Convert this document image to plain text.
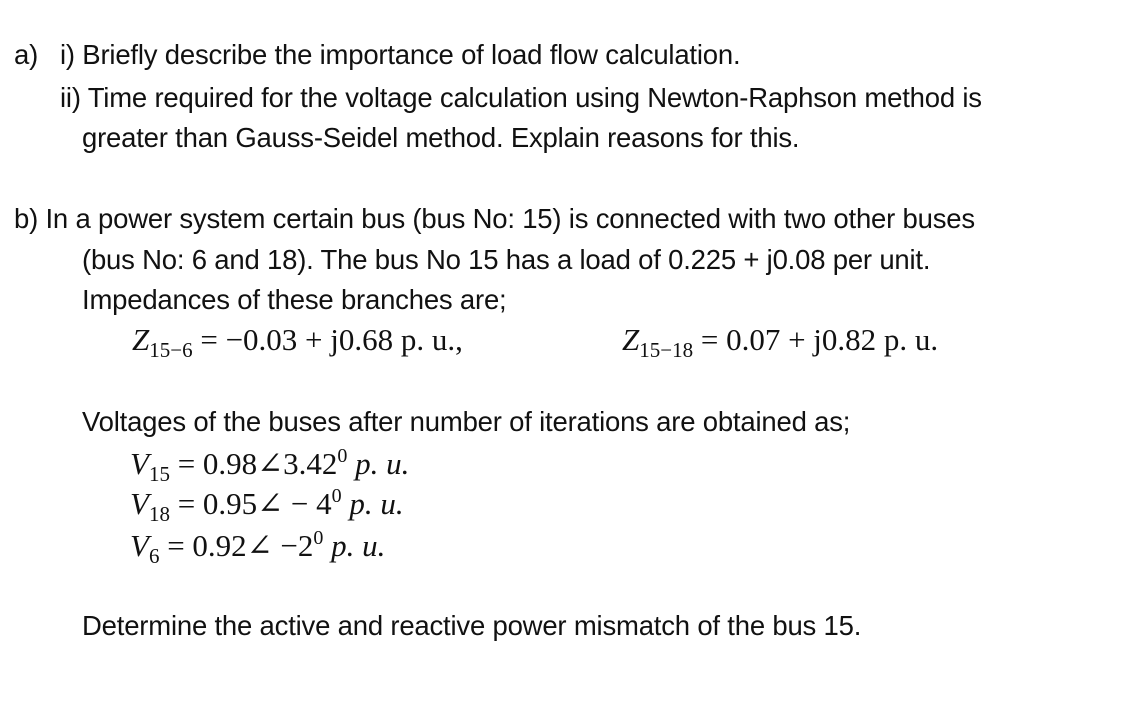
a) i) Briefly describe the importance of load flow calculation.
ii) Time required for the voltage calculation using Newton-Raphson method is
greater than Gauss-Seidel method. Explain reasons for this.
b) In a power system certain bus (bus No: 15) is connected with two other buses
(bus No: 6 and 18). The bus No 15 has a load of 0.225 + j0.08 per unit.
Impedances of these branches are;
$Z_{15-6} = -0.03 + j0.68$ p. u.,	$Z_{15-18} = 0.07 + j0.82$ p. u.
Voltages of the buses after number of iterations are obtained as;
$V_{15}$ = $0.98\angle 3.42^0$ p. u.
$V_{18}$ = 0.95∠ − $4^0$ p. u.
$V_6$ = 0.92∠ $-2^0$ p. u.
Determine the active and reactive power mismatch of the bus 15.
